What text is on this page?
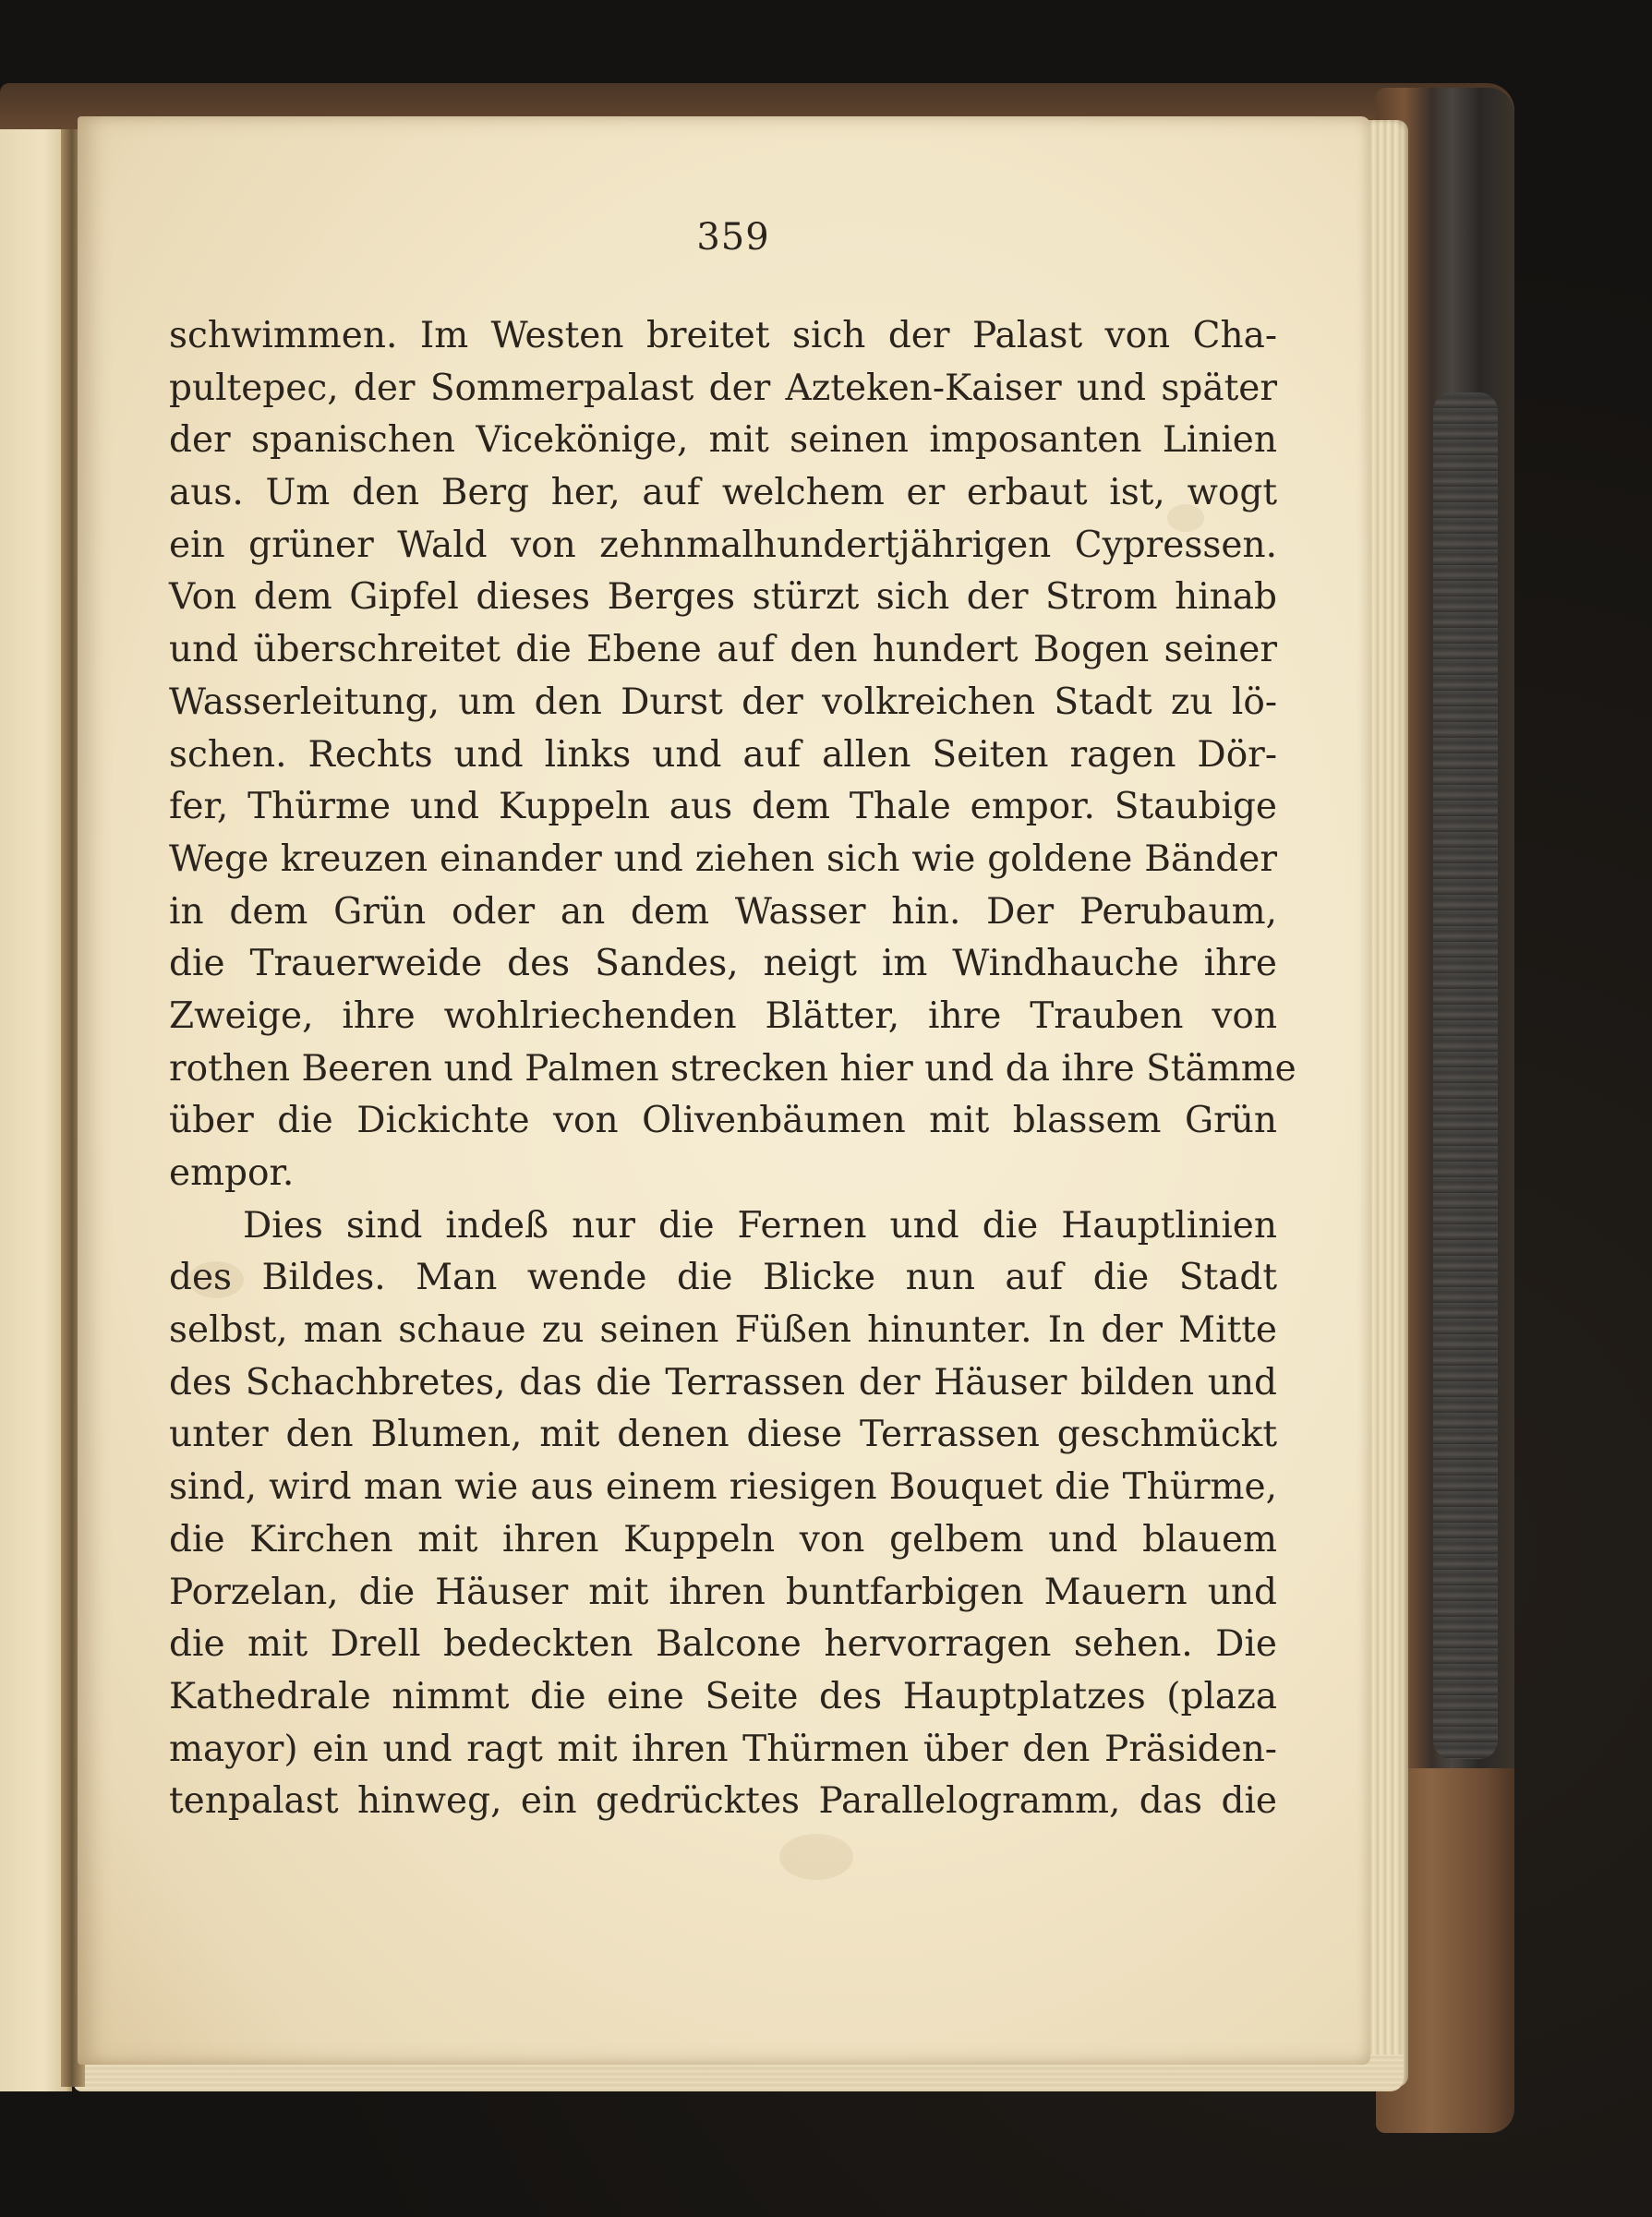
359
schwimmen. Im Westen breitet sich der Palast von Cha-
pultepec, der Sommerpalast der Azteken-Kaiser und später
der spanischen Vicekönige, mit seinen imposanten Linien
aus. Um den Berg her, auf welchem er erbaut ist, wogt
ein grüner Wald von zehnmalhundertjährigen Cypressen.
Von dem Gipfel dieses Berges stürzt sich der Strom hinab
und überschreitet die Ebene auf den hundert Bogen seiner
Wasserleitung, um den Durst der volkreichen Stadt zu lö-
schen. Rechts und links und auf allen Seiten ragen Dör-
fer, Thürme und Kuppeln aus dem Thale empor. Staubige
Wege kreuzen einander und ziehen sich wie goldene Bänder
in dem Grün oder an dem Wasser hin. Der Perubaum,
die Trauerweide des Sandes, neigt im Windhauche ihre
Zweige, ihre wohlriechenden Blätter, ihre Trauben von
rothen Beeren und Palmen strecken hier und da ihre Stämme
über die Dickichte von Olivenbäumen mit blassem Grün
empor.
Dies sind indeß nur die Fernen und die Hauptlinien
des Bildes. Man wende die Blicke nun auf die Stadt
selbst, man schaue zu seinen Füßen hinunter. In der Mitte
des Schachbretes, das die Terrassen der Häuser bilden und
unter den Blumen, mit denen diese Terrassen geschmückt
sind, wird man wie aus einem riesigen Bouquet die Thürme,
die Kirchen mit ihren Kuppeln von gelbem und blauem
Porzelan, die Häuser mit ihren buntfarbigen Mauern und
die mit Drell bedeckten Balcone hervorragen sehen. Die
Kathedrale nimmt die eine Seite des Hauptplatzes (plaza
mayor) ein und ragt mit ihren Thürmen über den Präsiden-
tenpalast hinweg, ein gedrücktes Parallelogramm, das die
